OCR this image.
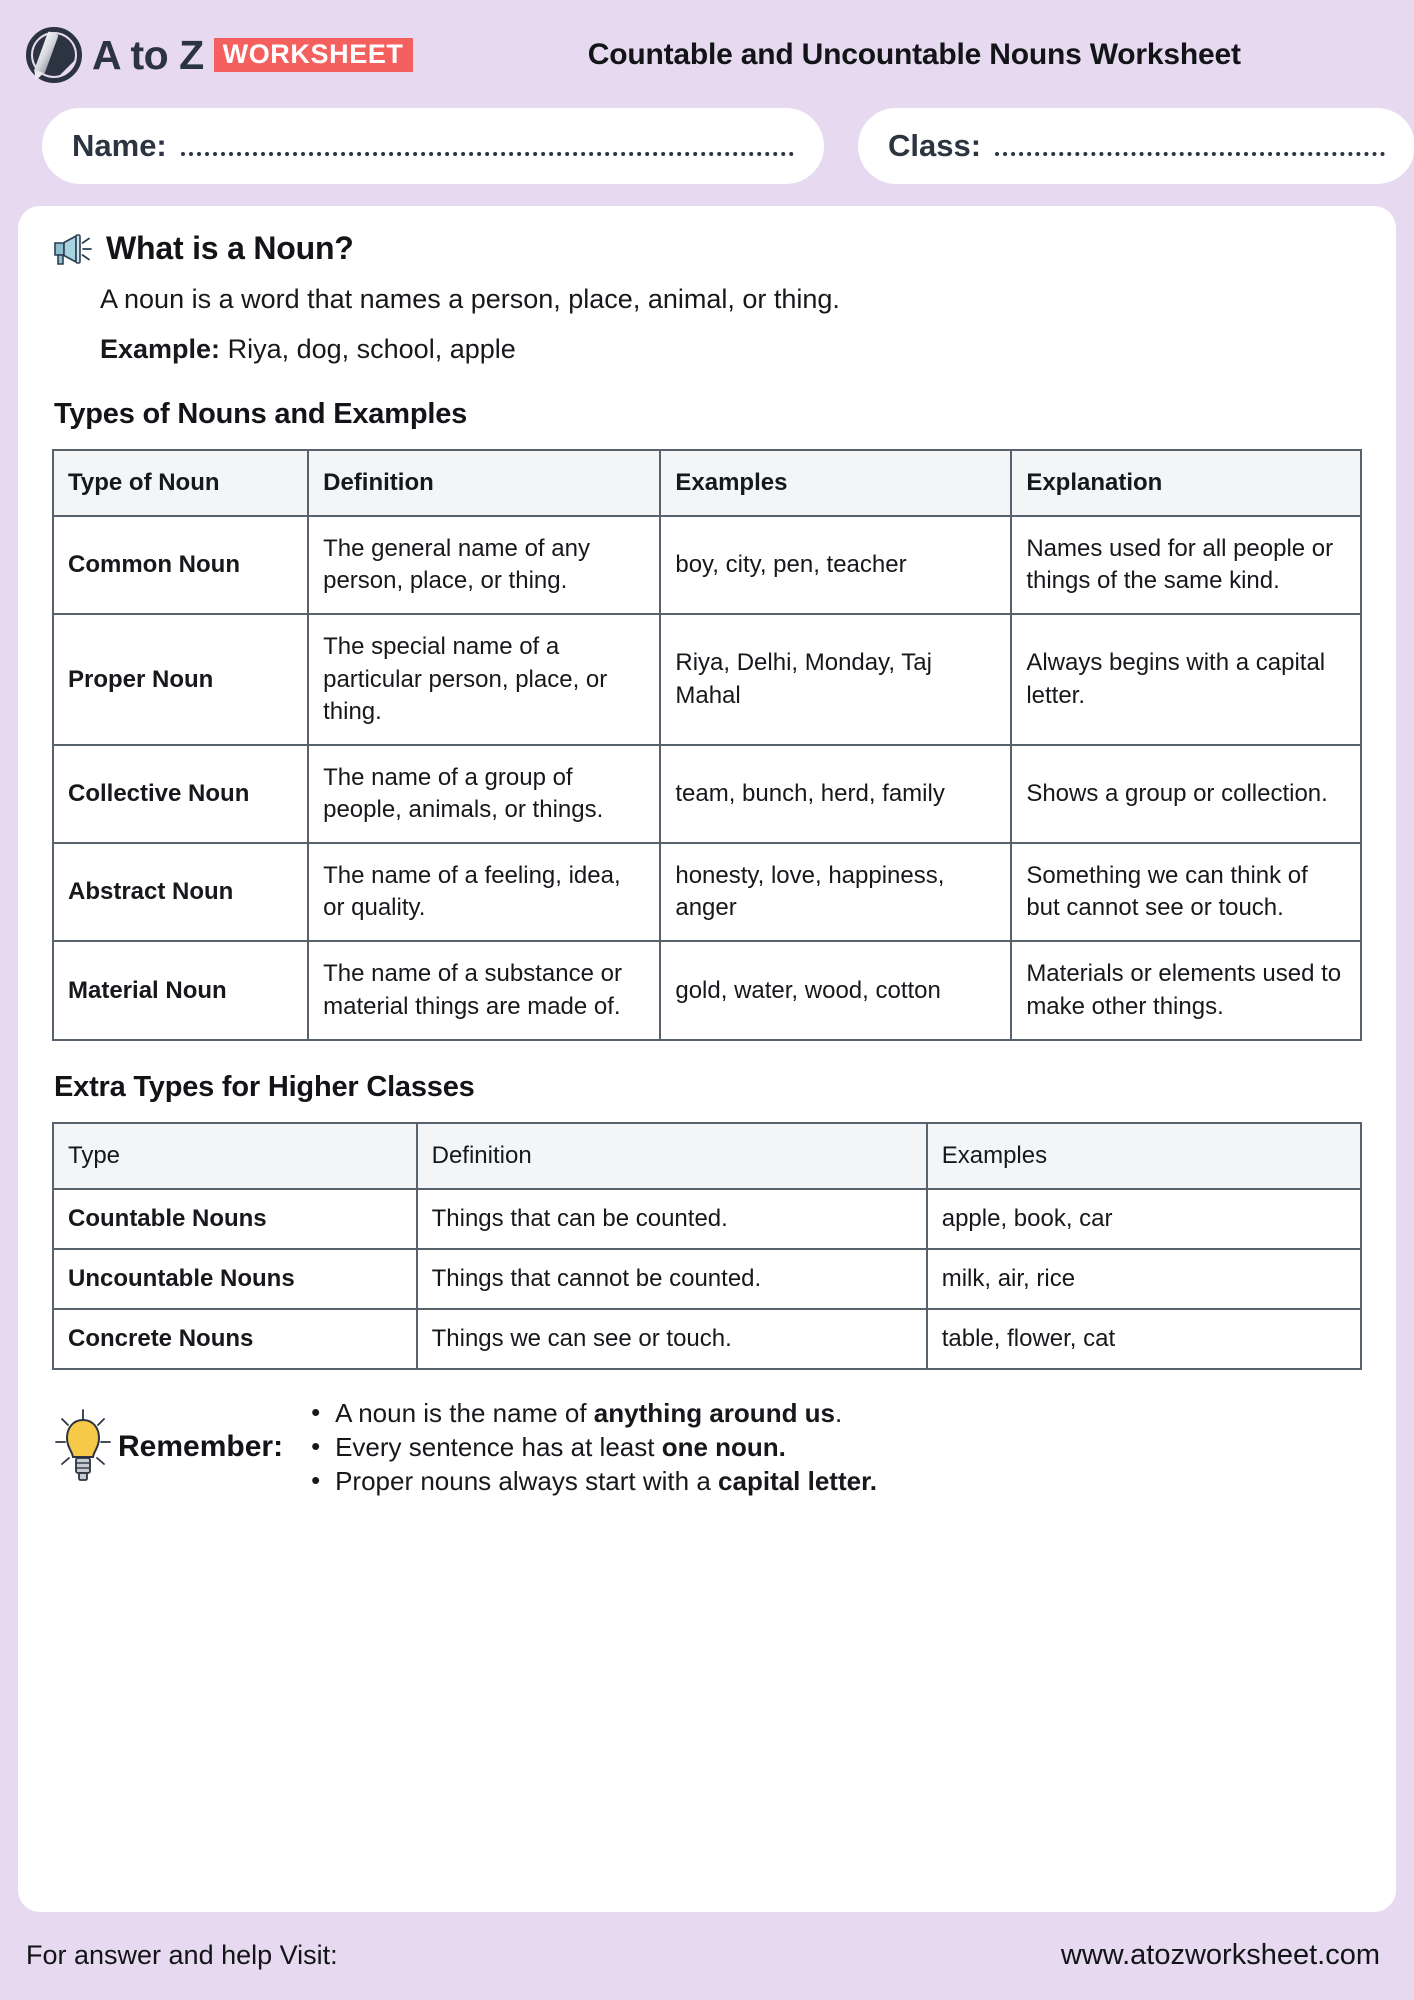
A to Z WORKSHEET	Countable and Uncountable Nouns Worksheet
Name:	Class:
What is a Noun?
A noun is a word that names a person, place, animal, or thing.
Example: Riya, dog, school, apple
Types of Nouns and Examples
Type of Noun	Definition	Examples	Explanation
Common Noun	The general name of any person, place, or thing.	boy, city, pen, teacher	Names used for all people or things of the same kind.
Proper Noun	The special name of a particular person, place, or thing.	Riya, Delhi, Monday, Taj Mahal	Always begins with a capital letter.
Collective Noun	The name of a group of people, animals, or things.	team, bunch, herd, family	Shows a group or collection.
Abstract Noun	The name of a feeling, idea, or quality.	honesty, love, happiness, anger	Something we can think of but cannot see or touch.
Material Noun	The name of a substance or material things are made of.	gold, water, wood, cotton	Materials or elements used to make other things.
Extra Types for Higher Classes
Type	Definition	Examples
Countable Nouns	Things that can be counted.	apple, book, car
Uncountable Nouns	Things that cannot be counted.	milk, air, rice
Concrete Nouns	Things we can see or touch.	table, flower, cat
Remember:
• A noun is the name of anything around us.
• Every sentence has at least one noun.
• Proper nouns always start with a capital letter.
For answer and help Visit:	www.atozworksheet.com
